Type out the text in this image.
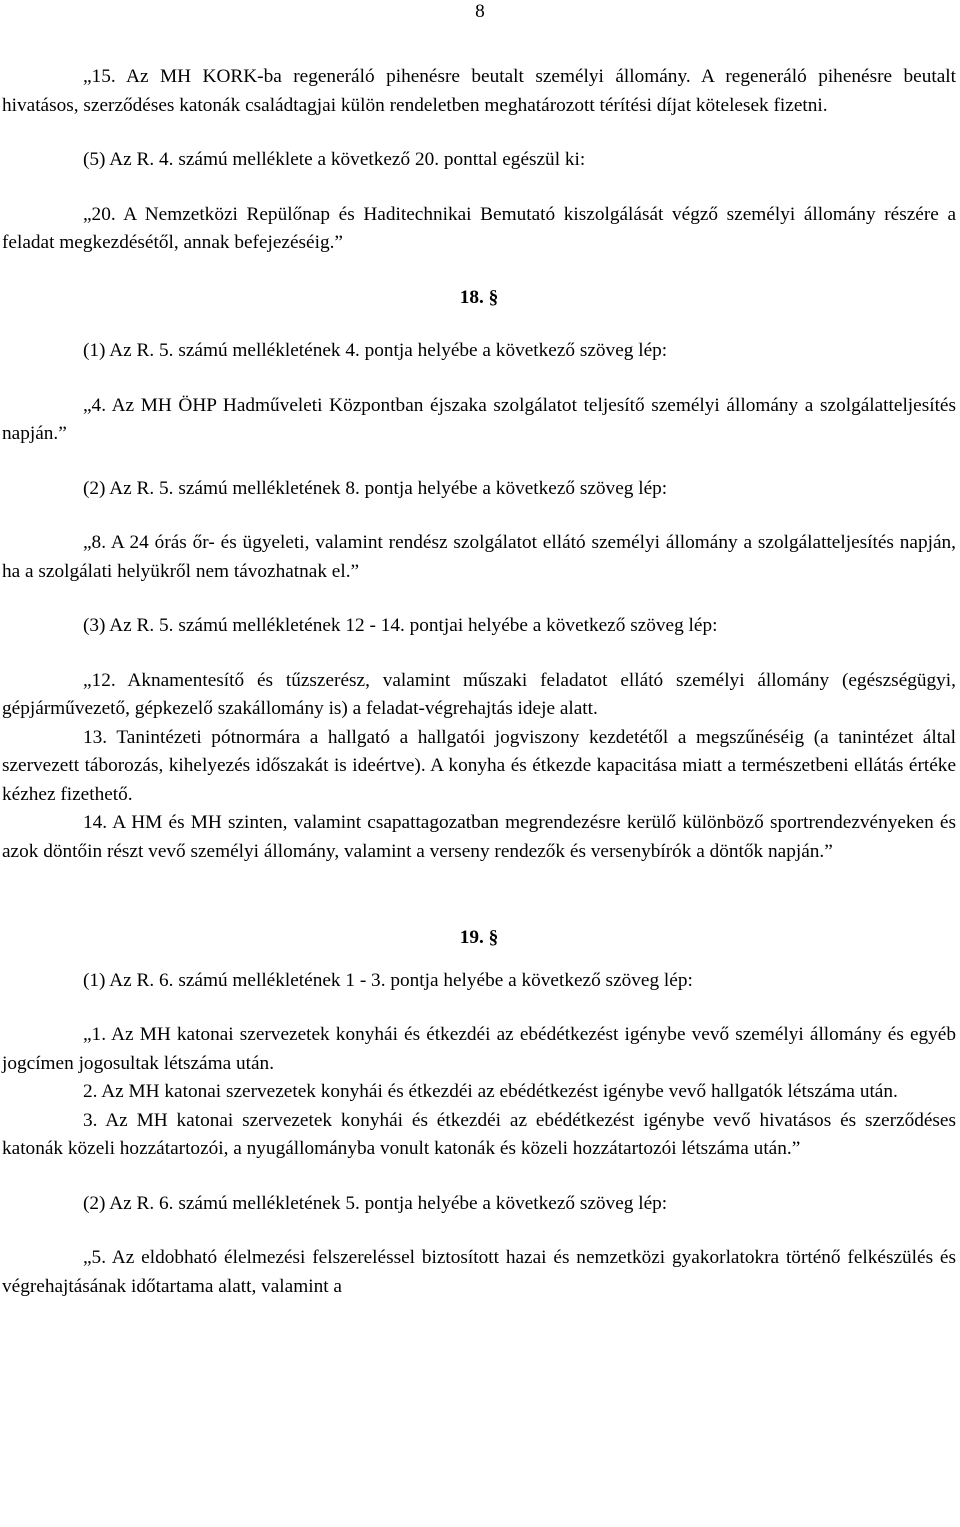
8

„15. Az MH KORK-ba regeneráló pihenésre beutalt személyi állomány. A regeneráló pihenésre beutalt hivatásos, szerződéses katonák családtagjai külön rendeletben meghatározott térítési díjat kötelesek fizetni.

(5) Az R. 4. számú melléklete a következő 20. ponttal egészül ki:

„20. A Nemzetközi Repülőnap és Haditechnikai Bemutató kiszolgálását végző személyi állomány részére a feladat megkezdésétől, annak befejezéséig.”

18. §

(1) Az R. 5. számú mellékletének 4. pontja helyébe a következő szöveg lép:

„4. Az MH ÖHP Hadműveleti Központban éjszaka szolgálatot teljesítő személyi állomány a szolgálatteljesítés napján.”

(2) Az R. 5. számú mellékletének 8. pontja helyébe a következő szöveg lép:

„8. A 24 órás őr- és ügyeleti, valamint rendész szolgálatot ellátó személyi állomány a szolgálatteljesítés napján, ha a szolgálati helyükről nem távozhatnak el.”

(3) Az R. 5. számú mellékletének 12 - 14. pontjai helyébe a következő szöveg lép:

„12. Aknamentesítő és tűzszerész, valamint műszaki feladatot ellátó személyi állomány (egészségügyi, gépjárművezető, gépkezelő szakállomány is) a feladat-végrehajtás ideje alatt.

13. Tanintézeti pótnormára a hallgató a hallgatói jogviszony kezdetétől a megszűnéséig (a tanintézet által szervezett táborozás, kihelyezés időszakát is ideértve). A konyha és étkezde kapacitása miatt a természetbeni ellátás értéke kézhez fizethető.

14. A HM és MH szinten, valamint csapattagozatban megrendezésre kerülő különböző sportrendezvényeken és azok döntőin részt vevő személyi állomány, valamint a verseny rendezők és versenybírók a döntők napján.”

19. §

(1) Az R. 6. számú mellékletének 1 - 3. pontja helyébe a következő szöveg lép:

„1. Az MH katonai szervezetek konyhái és étkezdéi az ebédétkezést igénybe vevő személyi állomány és egyéb jogcímen jogosultak létszáma után.

2. Az MH katonai szervezetek konyhái és étkezdéi az ebédétkezést igénybe vevő hallgatók létszáma után.

3. Az MH katonai szervezetek konyhái és étkezdéi az ebédétkezést igénybe vevő hivatásos és szerződéses katonák közeli hozzátartozói, a nyugállományba vonult katonák és közeli hozzátartozói létszáma után.”

(2) Az R. 6. számú mellékletének 5. pontja helyébe a következő szöveg lép:

„5. Az eldobható élelmezési felszereléssel biztosított hazai és nemzetközi gyakorlatokra történő felkészülés és végrehajtásának időtartama alatt, valamint a
